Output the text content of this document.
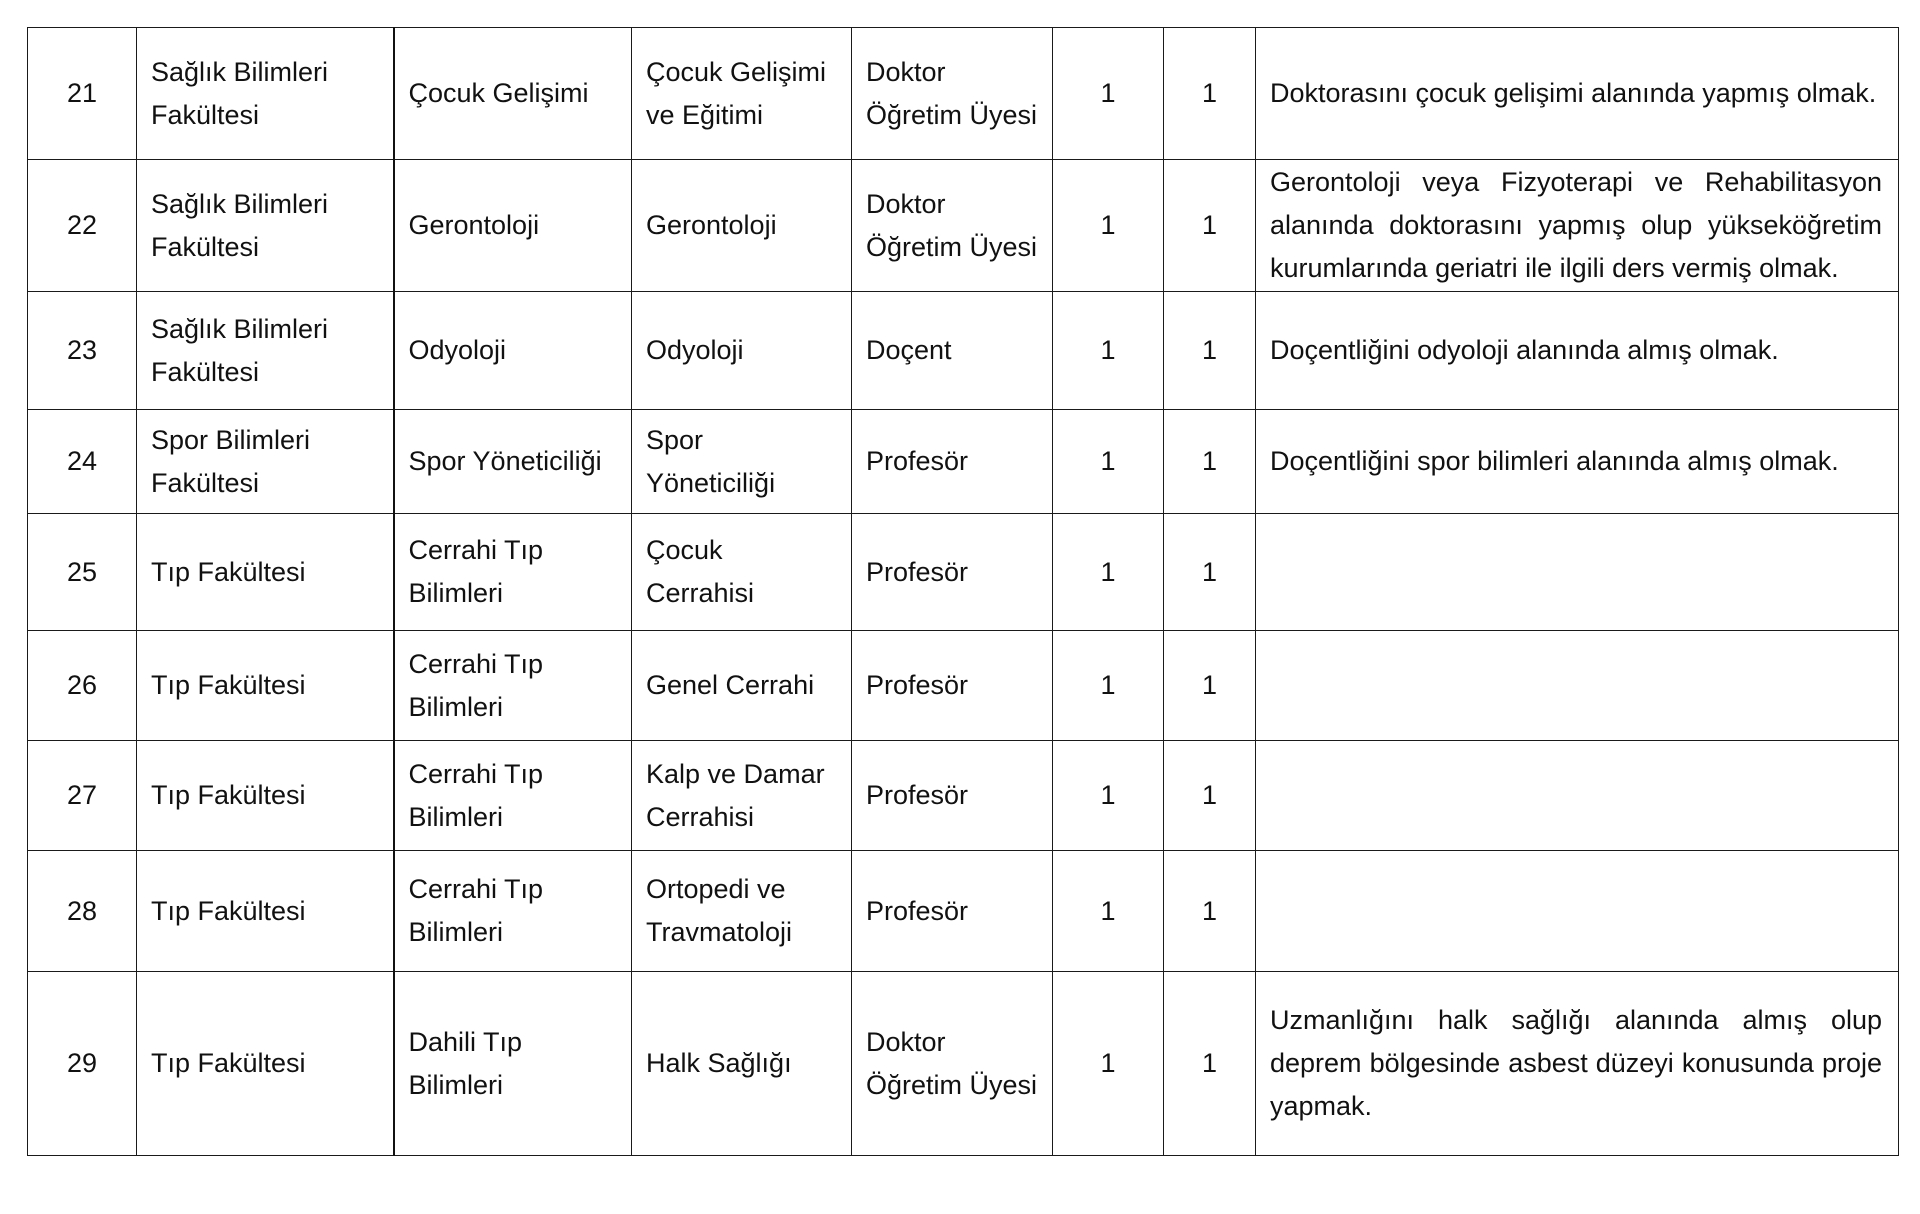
21	Sağlık Bilimleri Fakültesi	Çocuk Gelişimi	Çocuk Gelişimi ve Eğitimi	Doktor Öğretim Üyesi	1	1	Doktorasını çocuk gelişimi alanında yapmış olmak.
22	Sağlık Bilimleri Fakültesi	Gerontoloji	Gerontoloji	Doktor Öğretim Üyesi	1	1	Gerontoloji veya Fizyoterapi ve Rehabilitasyon alanında doktorasını yapmış olup yükseköğretim kurumlarında geriatri ile ilgili ders vermiş olmak.
23	Sağlık Bilimleri Fakültesi	Odyoloji	Odyoloji	Doçent	1	1	Doçentliğini odyoloji alanında almış olmak.
24	Spor Bilimleri Fakültesi	Spor Yöneticiliği	Spor Yöneticiliği	Profesör	1	1	Doçentliğini spor bilimleri alanında almış olmak.
25	Tıp Fakültesi	Cerrahi Tıp Bilimleri	Çocuk Cerrahisi	Profesör	1	1	
26	Tıp Fakültesi	Cerrahi Tıp Bilimleri	Genel Cerrahi	Profesör	1	1	
27	Tıp Fakültesi	Cerrahi Tıp Bilimleri	Kalp ve Damar Cerrahisi	Profesör	1	1	
28	Tıp Fakültesi	Cerrahi Tıp Bilimleri	Ortopedi ve Travmatoloji	Profesör	1	1	
29	Tıp Fakültesi	Dahili Tıp Bilimleri	Halk Sağlığı	Doktor Öğretim Üyesi	1	1	Uzmanlığını halk sağlığı alanında almış olup deprem bölgesinde asbest düzeyi konusunda proje yapmak.
